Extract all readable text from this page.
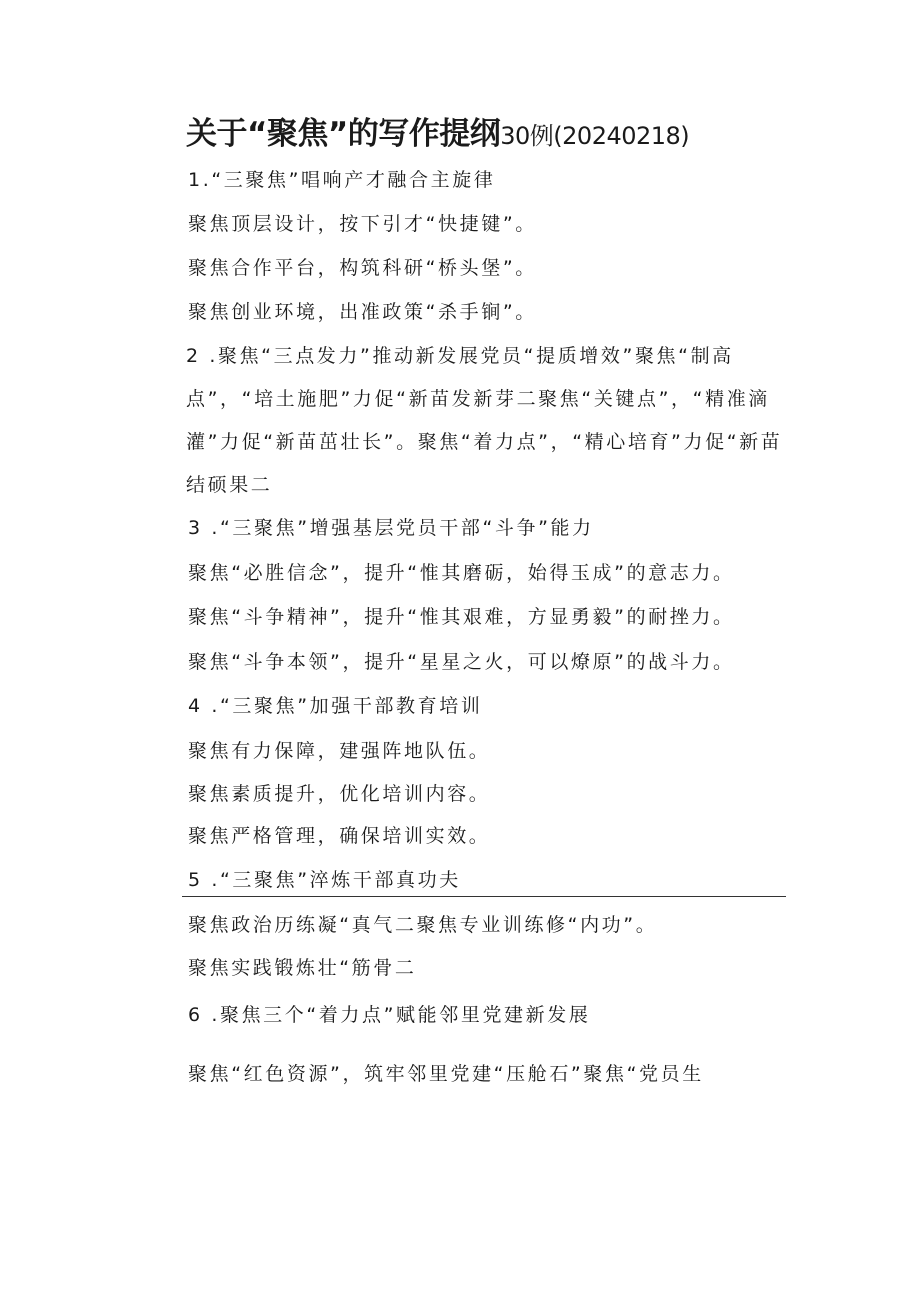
关于“聚焦”的写作提纲30例(20240218)
1.“三聚焦”唱响产才融合主旋律
聚焦顶层设计，按下引才“快捷键”。
聚焦合作平台，构筑科研“桥头堡”。
聚焦创业环境，出准政策“杀手锏”。
2 .聚焦“三点发力”推动新发展党员“提质增效”聚焦“制高点”，“培土施肥”力促“新苗发新芽二聚焦“关键点”，“精准滴灌”力促“新苗茁壮长”。聚焦“着力点”，“精心培育”力促“新苗结硕果二
3 .“三聚焦”增强基层党员干部“斗争”能力
聚焦“必胜信念”，提升“惟其磨砺，始得玉成”的意志力。
聚焦“斗争精神”，提升“惟其艰难，方显勇毅”的耐挫力。
聚焦“斗争本领”，提升“星星之火，可以燎原”的战斗力。
4 .“三聚焦”加强干部教育培训
聚焦有力保障，建强阵地队伍。
聚焦素质提升，优化培训内容。
聚焦严格管理，确保培训实效。
5 .“三聚焦”淬炼干部真功夫
聚焦政治历练凝“真气二聚焦专业训练修“内功”。
聚焦实践锻炼壮“筋骨二
6 .聚焦三个“着力点”赋能邻里党建新发展
聚焦“红色资源”，筑牢邻里党建“压舱石”聚焦“党员生
